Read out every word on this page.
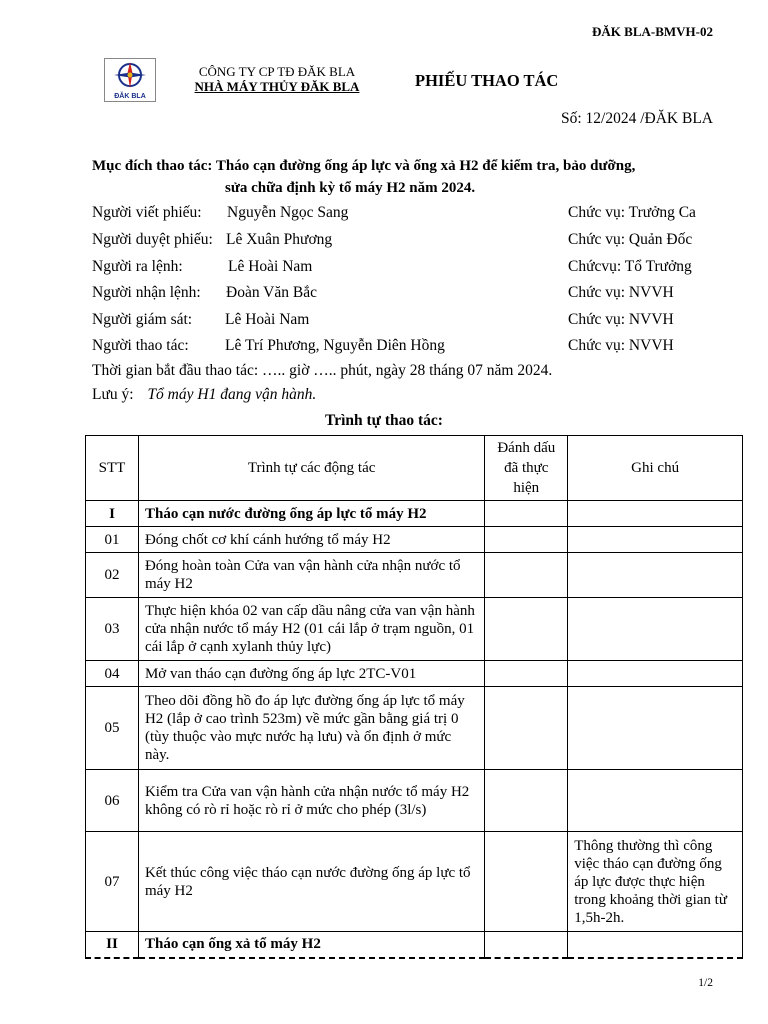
ĐĂK BLA-BMVH-02
ĐĂK BLA
CÔNG TY CP TĐ ĐĂK BLA
NHÀ MÁY THỦY ĐĂK BLA	PHIẾU THAO TÁC
Số: 12/2024 /ĐĂK BLA
Mục đích thao tác: Tháo cạn đường ống áp lực và ống xả H2 để kiểm tra, bảo dưỡng,
sửa chữa định kỳ tổ máy H2 năm 2024.
Người viết phiếu: Nguyễn Ngọc Sang	Chức vụ: Trưởng Ca
Người duyệt phiếu: Lê Xuân Phương	Chức vụ: Quản Đốc
Người ra lệnh:	Lê Hoài Nam	Chứcvụ: Tổ Trưởng
Người nhận lệnh: Đoàn Văn Bắc	Chức vụ: NVVH
Người giám sát: Lê Hoài Nam	Chức vụ: NVVH
Người thao tác: Lê Trí Phương, Nguyễn Diên Hồng	Chức vụ: NVVH
Thời gian bắt đầu thao tác: ….. giờ ….. phút, ngày 28 tháng 07 năm 2024.
Lưu ý: Tổ máy H1 đang vận hành.
Trình tự thao tác:
STT	Trình tự các động tác	Đánh dấu đã thực hiện	Ghi chú
I	Tháo cạn nước đường ống áp lực tổ máy H2		
01	Đóng chốt cơ khí cánh hướng tổ máy H2		
02	Đóng hoàn toàn Cửa van vận hành cửa nhận nước tổ máy H2		
03	Thực hiện khóa 02 van cấp dầu nâng cửa van vận hành cửa nhận nước tổ máy H2 (01 cái lắp ở trạm nguồn, 01 cái lắp ở cạnh xylanh thủy lực)		
04	Mở van tháo cạn đường ống áp lực 2TC-V01		
05	Theo dõi đồng hồ đo áp lực đường ống áp lực tổ máy H2 (lắp ở cao trình 523m) về mức gần bằng giá trị 0 (tùy thuộc vào mực nước hạ lưu) và ổn định ở mức này.		
06	Kiểm tra Cửa van vận hành cửa nhận nước tổ máy H2 không có rò rỉ hoặc rò rỉ ở mức cho phép (3l/s)		
07	Kết thúc công việc tháo cạn nước đường ống áp lực tổ máy H2		Thông thường thì công việc tháo cạn đường ống áp lực được thực hiện trong khoảng thời gian từ 1,5h-2h.
II	Tháo cạn ống xả tổ máy H2		
1/2
